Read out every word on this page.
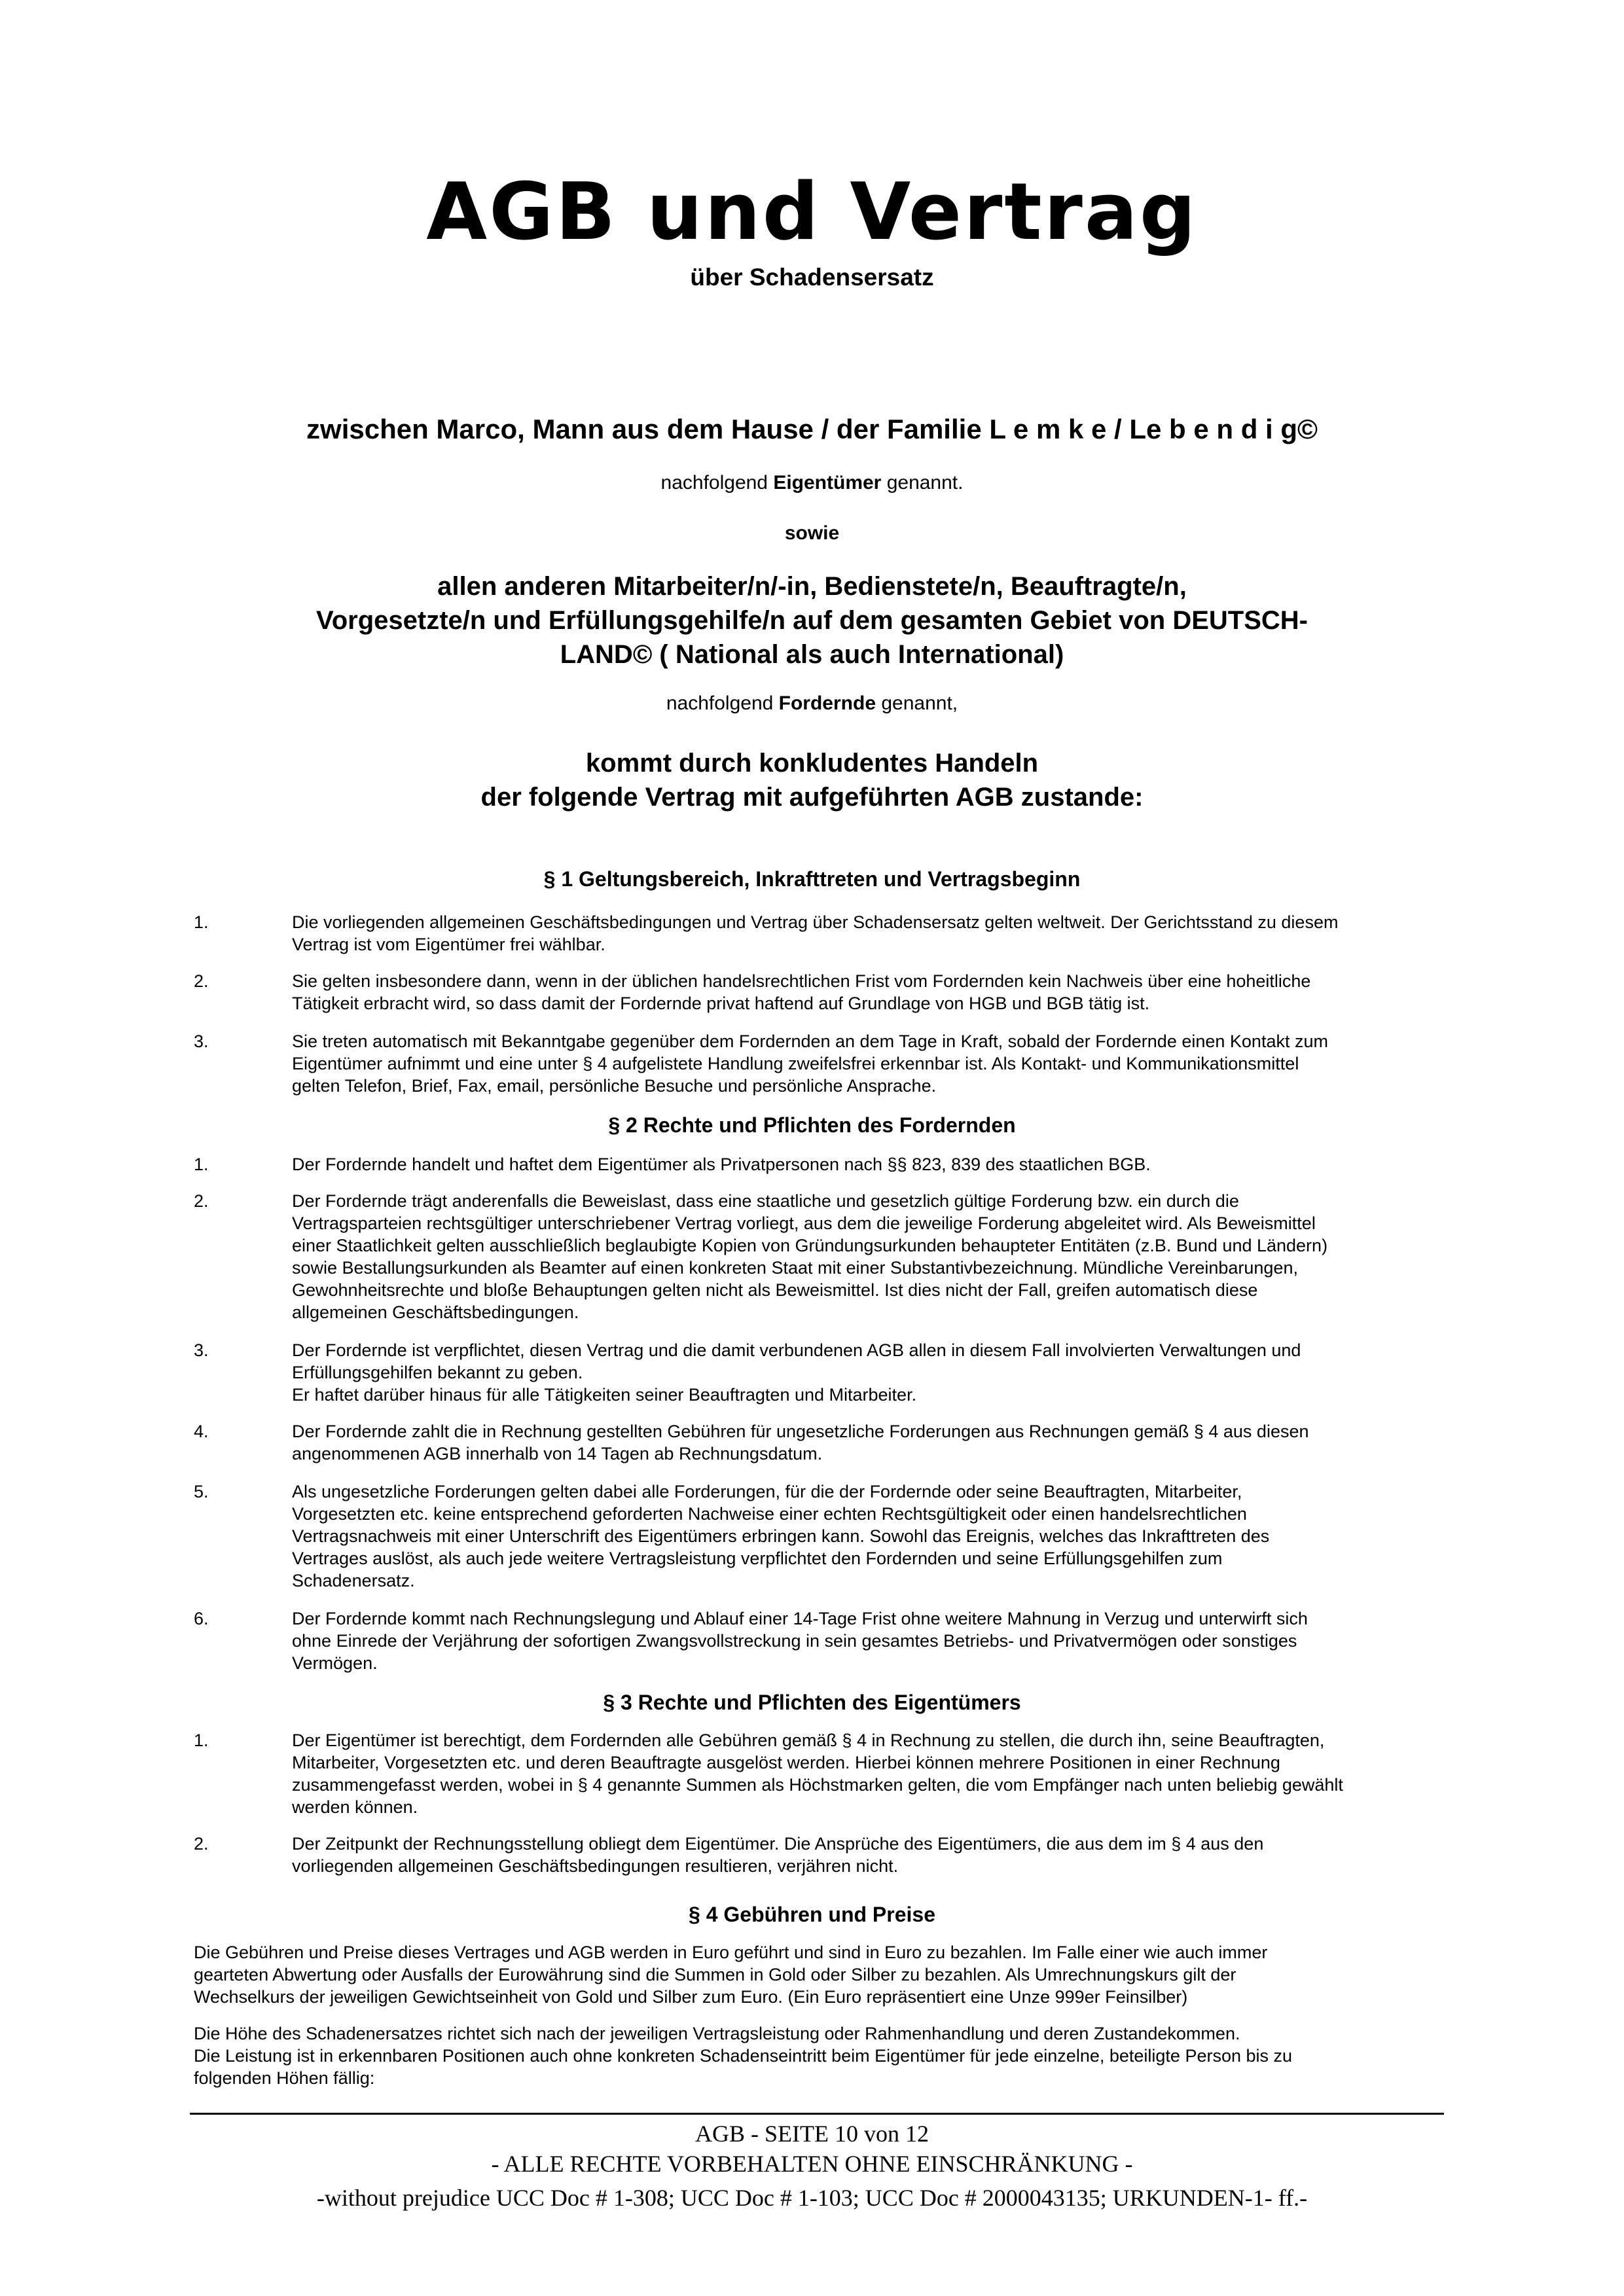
AGB und Vertrag
über Schadensersatz
zwischen Marco, Mann aus dem Hause / der Familie L e m k e / Le b e n d i g©
nachfolgend Eigentümer genannt.
sowie
allen anderen Mitarbeiter/n/-in, Bedienstete/n, Beauftragte/n,
Vorgesetzte/n und Erfüllungsgehilfe/n auf dem gesamten Gebiet von DEUTSCH-
LAND© ( National als auch International)
nachfolgend Fordernde genannt,
kommt durch konkludentes Handeln
der folgende Vertrag mit aufgeführten AGB zustande:
§ 1 Geltungsbereich, Inkrafttreten und Vertragsbeginn
1.	Die vorliegenden allgemeinen Geschäftsbedingungen und Vertrag über Schadensersatz gelten weltweit. Der Gerichtsstand zu diesem
Vertrag ist vom Eigentümer frei wählbar.
2.	Sie gelten insbesondere dann, wenn in der üblichen handelsrechtlichen Frist vom Fordernden kein Nachweis über eine hoheitliche
Tätigkeit erbracht wird, so dass damit der Fordernde privat haftend auf Grundlage von HGB und BGB tätig ist.
3.	Sie treten automatisch mit Bekanntgabe gegenüber dem Fordernden an dem Tage in Kraft, sobald der Fordernde einen Kontakt zum
Eigentümer aufnimmt und eine unter § 4 aufgelistete Handlung zweifelsfrei erkennbar ist. Als Kontakt- und Kommunikationsmittel
gelten Telefon, Brief, Fax, email, persönliche Besuche und persönliche Ansprache.
§ 2 Rechte und Pflichten des Fordernden
1.	Der Fordernde handelt und haftet dem Eigentümer als Privatpersonen nach §§ 823, 839 des staatlichen BGB.
2.	Der Fordernde trägt anderenfalls die Beweislast, dass eine staatliche und gesetzlich gültige Forderung bzw. ein durch die
Vertragsparteien rechtsgültiger unterschriebener Vertrag vorliegt, aus dem die jeweilige Forderung abgeleitet wird. Als Beweismittel
einer Staatlichkeit gelten ausschließlich beglaubigte Kopien von Gründungsurkunden behaupteter Entitäten (z.B. Bund und Ländern)
sowie Bestallungsurkunden als Beamter auf einen konkreten Staat mit einer Substantivbezeichnung. Mündliche Vereinbarungen,
Gewohnheitsrechte und bloße Behauptungen gelten nicht als Beweismittel. Ist dies nicht der Fall, greifen automatisch diese
allgemeinen Geschäftsbedingungen.
3.	Der Fordernde ist verpflichtet, diesen Vertrag und die damit verbundenen AGB allen in diesem Fall involvierten Verwaltungen und
Erfüllungsgehilfen bekannt zu geben.
Er haftet darüber hinaus für alle Tätigkeiten seiner Beauftragten und Mitarbeiter.
4.	Der Fordernde zahlt die in Rechnung gestellten Gebühren für ungesetzliche Forderungen aus Rechnungen gemäß § 4 aus diesen
angenommenen AGB innerhalb von 14 Tagen ab Rechnungsdatum.
5.	Als ungesetzliche Forderungen gelten dabei alle Forderungen, für die der Fordernde oder seine Beauftragten, Mitarbeiter,
Vorgesetzten etc. keine entsprechend geforderten Nachweise einer echten Rechtsgültigkeit oder einen handelsrechtlichen
Vertragsnachweis mit einer Unterschrift des Eigentümers erbringen kann. Sowohl das Ereignis, welches das Inkrafttreten des
Vertrages auslöst, als auch jede weitere Vertragsleistung verpflichtet den Fordernden und seine Erfüllungsgehilfen zum
Schadenersatz.
6.	Der Fordernde kommt nach Rechnungslegung und Ablauf einer 14-Tage Frist ohne weitere Mahnung in Verzug und unterwirft sich
ohne Einrede der Verjährung der sofortigen Zwangsvollstreckung in sein gesamtes Betriebs- und Privatvermögen oder sonstiges
Vermögen.
§ 3 Rechte und Pflichten des Eigentümers
1.	Der Eigentümer ist berechtigt, dem Fordernden alle Gebühren gemäß § 4 in Rechnung zu stellen, die durch ihn, seine Beauftragten,
Mitarbeiter, Vorgesetzten etc. und deren Beauftragte ausgelöst werden. Hierbei können mehrere Positionen in einer Rechnung
zusammengefasst werden, wobei in § 4 genannte Summen als Höchstmarken gelten, die vom Empfänger nach unten beliebig gewählt
werden können.
2.	Der Zeitpunkt der Rechnungsstellung obliegt dem Eigentümer. Die Ansprüche des Eigentümers, die aus dem im § 4 aus den
vorliegenden allgemeinen Geschäftsbedingungen resultieren, verjähren nicht.
§ 4 Gebühren und Preise
Die Gebühren und Preise dieses Vertrages und AGB werden in Euro geführt und sind in Euro zu bezahlen. Im Falle einer wie auch immer
gearteten Abwertung oder Ausfalls der Eurowährung sind die Summen in Gold oder Silber zu bezahlen. Als Umrechnungskurs gilt der
Wechselkurs der jeweiligen Gewichtseinheit von Gold und Silber zum Euro. (Ein Euro repräsentiert eine Unze 999er Feinsilber)
Die Höhe des Schadenersatzes richtet sich nach der jeweiligen Vertragsleistung oder Rahmenhandlung und deren Zustandekommen.
Die Leistung ist in erkennbaren Positionen auch ohne konkreten Schadenseintritt beim Eigentümer für jede einzelne, beteiligte Person bis zu
folgenden Höhen fällig:
AGB - SEITE 10 von 12
- ALLE RECHTE VORBEHALTEN OHNE EINSCHRÄNKUNG -
-without prejudice UCC Doc # 1-308; UCC Doc # 1-103; UCC Doc # 2000043135; URKUNDEN-1- ff.-
